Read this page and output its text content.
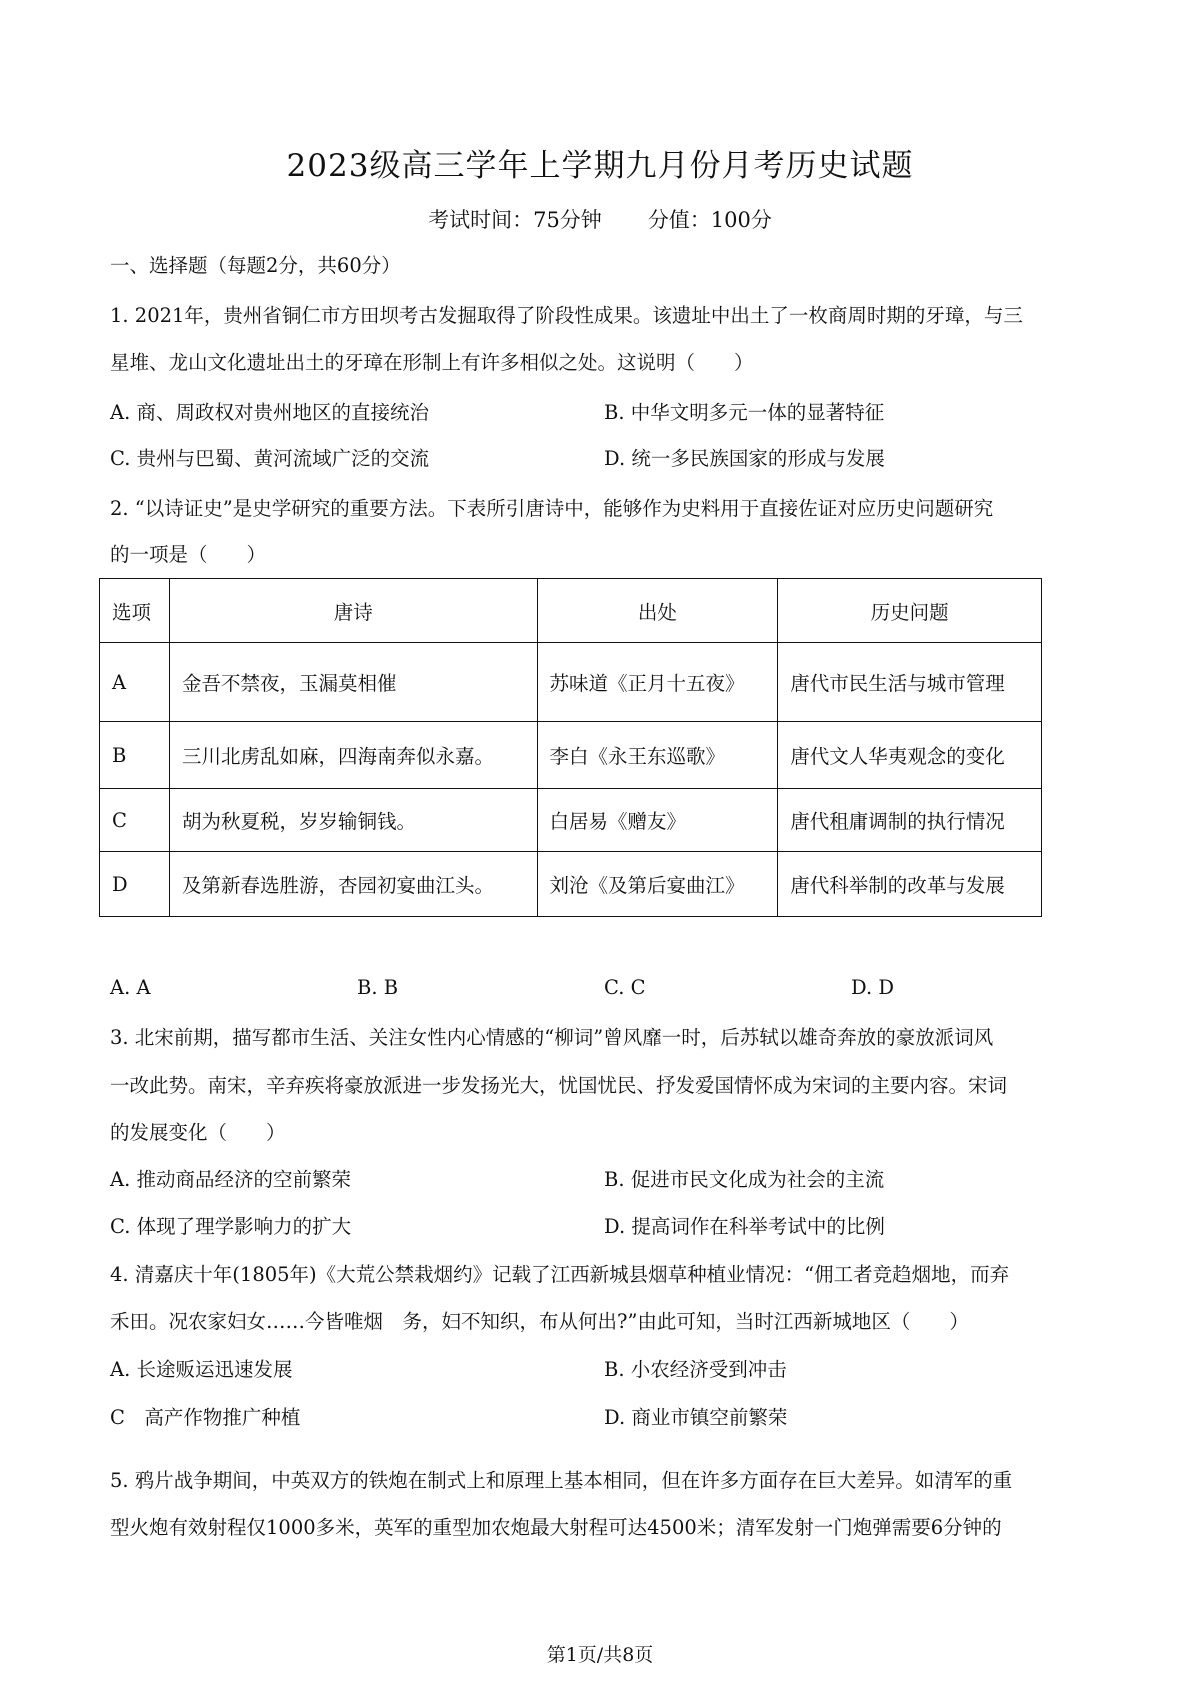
2023级高三学年上学期九月份月考历史试题
考试时间：75分钟 分值：100分
一、选择题（每题2分，共60分）
1. 2021年，贵州省铜仁市方田坝考古发掘取得了阶段性成果。该遗址中出土了一枚商周时期的牙璋，与三
星堆、龙山文化遗址出土的牙璋在形制上有许多相似之处。这说明（　　）
A. 商、周政权对贵州地区的直接统治	B. 中华文明多元一体的显著特征
C. 贵州与巴蜀、黄河流域广泛的交流	D. 统一多民族国家的形成与发展
2. “以诗证史”是史学研究的重要方法。下表所引唐诗中，能够作为史料用于直接佐证对应历史问题研究
的一项是（　　）
选项	唐诗	出处	历史问题
A	金吾不禁夜，玉漏莫相催	苏味道《正月十五夜》	唐代市民生活与城市管理
B	三川北虏乱如麻，四海南奔似永嘉。	李白《永王东巡歌》	唐代文人华夷观念的变化
C	胡为秋夏税，岁岁输铜钱。	白居易《赠友》	唐代租庸调制的执行情况
D	及第新春选胜游，杏园初宴曲江头。	刘沧《及第后宴曲江》	唐代科举制的改革与发展
A. A	B. B	C. C	D. D
3. 北宋前期，描写都市生活、关注女性内心情感的“柳词”曾风靡一时，后苏轼以雄奇奔放的豪放派词风
一改此势。南宋，辛弃疾将豪放派进一步发扬光大，忧国忧民、抒发爱国情怀成为宋词的主要内容。宋词
的发展变化（　　）
A. 推动商品经济的空前繁荣	B. 促进市民文化成为社会的主流
C. 体现了理学影响力的扩大	D. 提高词作在科举考试中的比例
4. 清嘉庆十年(1805年)《大荒公禁栽烟约》记载了江西新城县烟草种植业情况：“佣工者竞趋烟地，而弃
禾田。况农家妇女……今皆唯烟　务，妇不知织，布从何出?”由此可知，当时江西新城地区（　　）
A. 长途贩运迅速发展	B. 小农经济受到冲击
C　高产作物推广种植	D. 商业市镇空前繁荣
5. 鸦片战争期间，中英双方的铁炮在制式上和原理上基本相同，但在许多方面存在巨大差异。如清军的重
型火炮有效射程仅1000多米，英军的重型加农炮最大射程可达4500米；清军发射一门炮弹需要6分钟的
第1页/共8页
